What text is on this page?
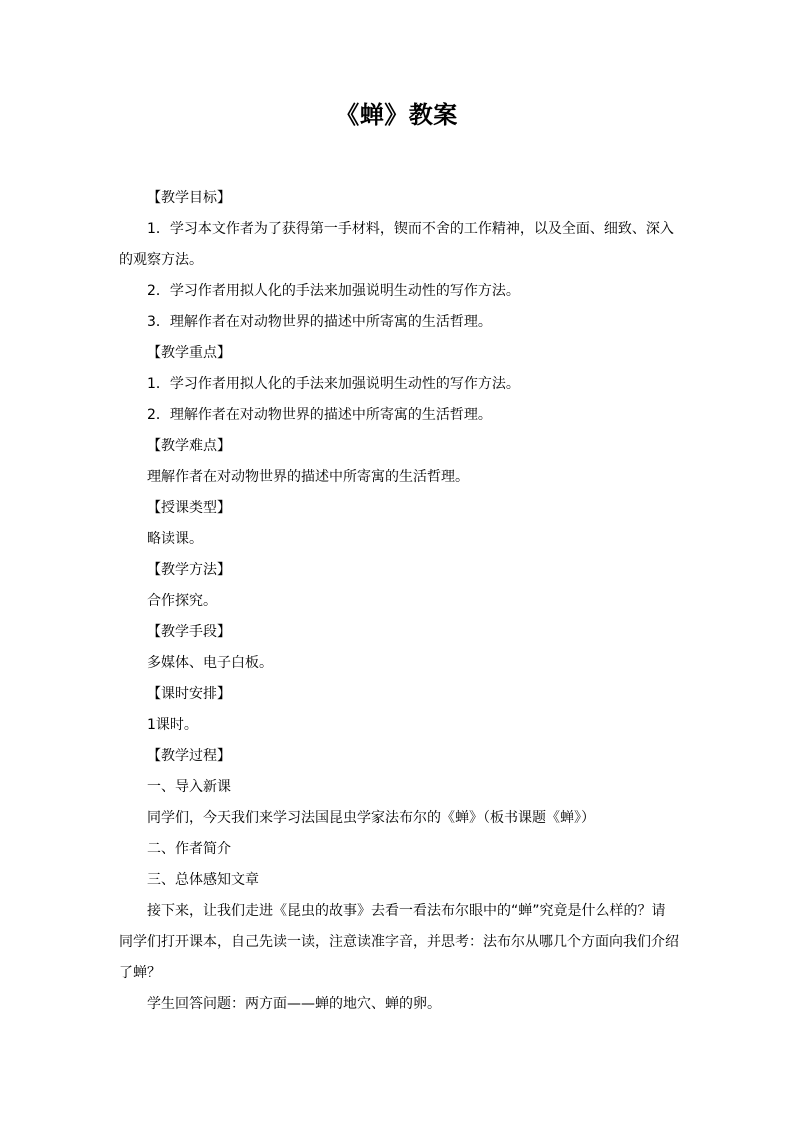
《蝉》教案
【教学目标】

1．学习本文作者为了获得第一手材料，锲而不舍的工作精神，以及全面、细致、深入的观察方法。

2．学习作者用拟人化的手法来加强说明生动性的写作方法。
3．理解作者在对动物世界的描述中所寄寓的生活哲理。
【教学重点】
1．学习作者用拟人化的手法来加强说明生动性的写作方法。
2．理解作者在对动物世界的描述中所寄寓的生活哲理。
【教学难点】
理解作者在对动物世界的描述中所寄寓的生活哲理。
【授课类型】
略读课。
【教学方法】
合作探究。
【教学手段】
多媒体、电子白板。
【课时安排】
1课时。
【教学过程】
一、导入新课
同学们，今天我们来学习法国昆虫学家法布尔的《蝉》（板书课题《蝉》）
二、作者简介
三、总体感知文章

接下来，让我们走进《昆虫的故事》去看一看法布尔眼中的“蝉”究竟是什么样的？请同学们打开课本，自己先读一读，注意读准字音，并思考：法布尔从哪几个方面向我们介绍了蝉？

学生回答问题：两方面——蝉的地穴、蝉的卵。
